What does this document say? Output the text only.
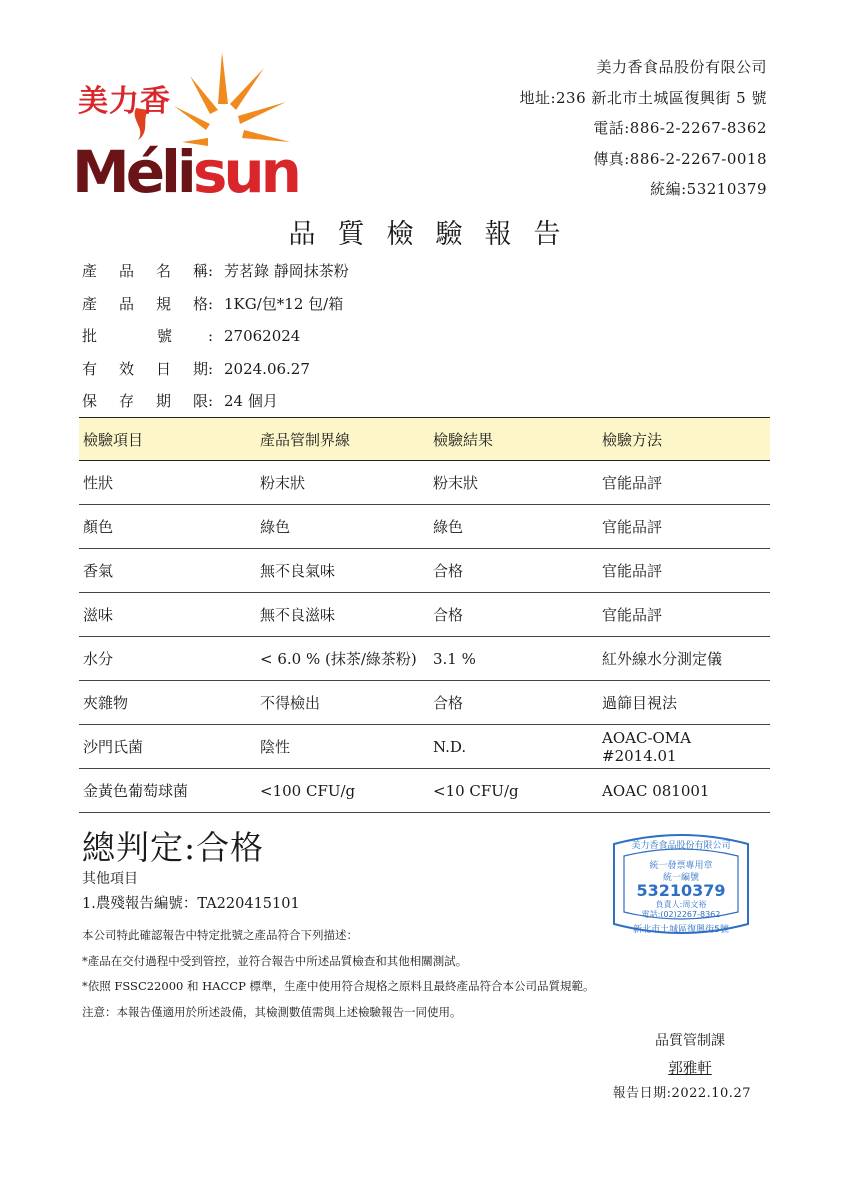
美力香
Mélisun
美力香食品股份有限公司
地址:236 新北市土城區復興街 5 號
電話:886-2-2267-8362
傳真:886-2-2267-0018
統編:53210379
品質檢驗報告
產 品 名 稱 : 芳茗錄 靜岡抹茶粉
產 品 規 格 : 1KG/包*12 包/箱
批	號 : 27062024
有 效 日 期 : 2024.06.27
保 存 期 限 : 24 個月
檢驗項目	產品管制界線	檢驗結果	檢驗方法
性狀	粉末狀	粉末狀	官能品評
顏色	綠色	綠色	官能品評
香氣	無不良氣味	合格	官能品評
滋味	無不良滋味	合格	官能品評
水分	< 6.0 % (抹茶/綠茶粉)	3.1 %	紅外線水分測定儀
夾雜物	不得檢出	合格	過篩目視法
沙門氏菌	陰性	N.D.	AOAC-OMA #2014.01
金黃色葡萄球菌	<100 CFU/g	<10 CFU/g	AOAC 081001
總判定:合格
其他項目
1.農殘報告編號：TA220415101
本公司特此確認報告中特定批號之產品符合下列描述：
*產品在交付過程中受到管控，並符合報告中所述品質檢查和其他相關測試。
*依照 FSSC22000 和 HACCP 標準，生產中使用符合規格之原料且最終產品符合本公司品質規範。
注意：本報告僅適用於所述設備，其檢測數值需與上述檢驗報告一同使用。
美力香食品股份有限公司
統一發票專用章
統一編號
53210379
負責人:周文裕
電話:(02)2267-8362
新北市土城區復興街5號
品質管制課
郭雅軒
報告日期:2022.10.27
